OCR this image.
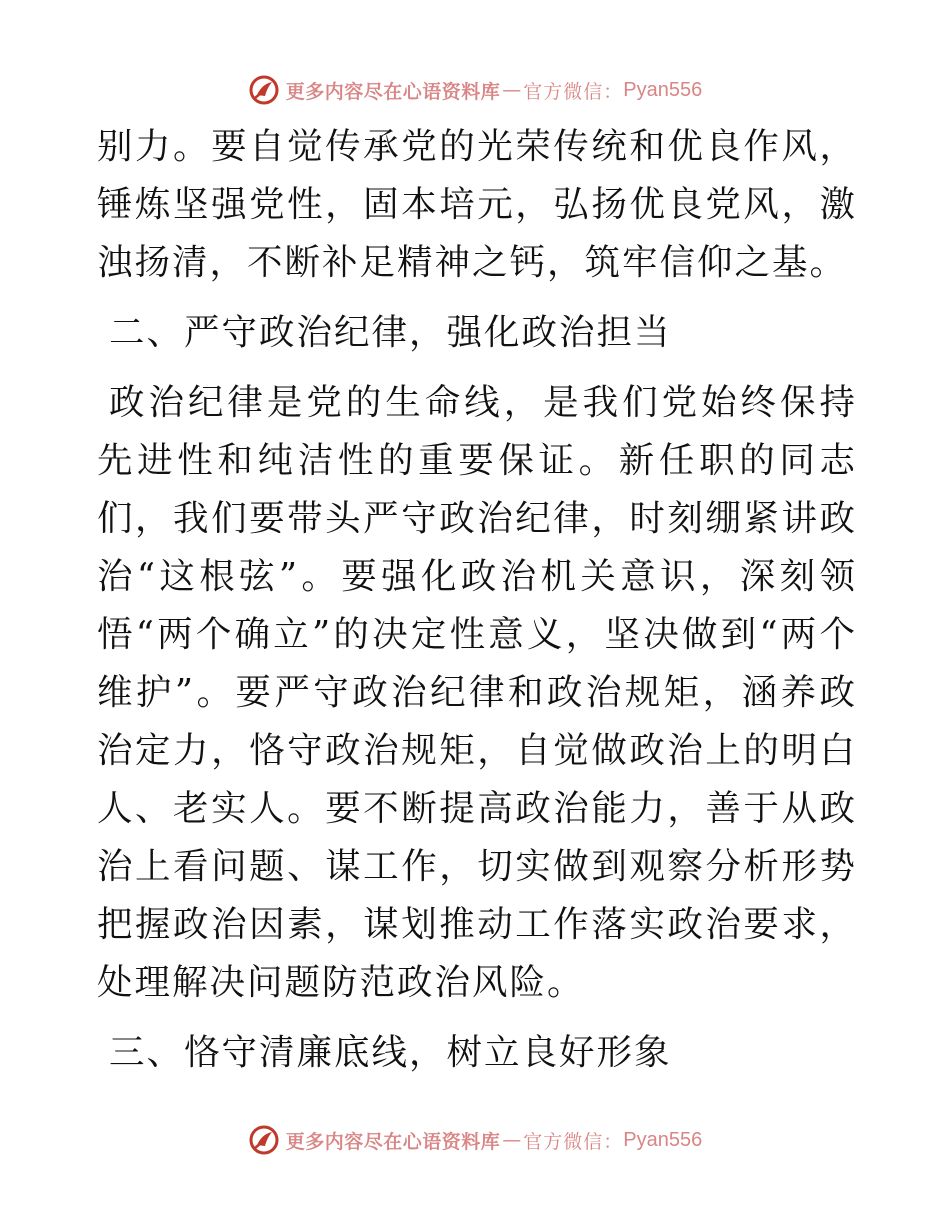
更多内容尽在心语资料库 — 官方微信： Pyan556

别力。要自觉传承党的光荣传统和优良作风，锤炼坚强党性，固本培元，弘扬优良党风，激浊扬清，不断补足精神之钙，筑牢信仰之基。

二、严守政治纪律，强化政治担当

政治纪律是党的生命线，是我们党始终保持先进性和纯洁性的重要保证。新任职的同志们，我们要带头严守政治纪律，时刻绷紧讲政治“这根弦”。要强化政治机关意识，深刻领悟“两个确立”的决定性意义，坚决做到“两个维护”。要严守政治纪律和政治规矩，涵养政治定力，恪守政治规矩，自觉做政治上的明白人、老实人。要不断提高政治能力，善于从政治上看问题、谋工作，切实做到观察分析形势把握政治因素，谋划推动工作落实政治要求，处理解决问题防范政治风险。

三、恪守清廉底线，树立良好形象

更多内容尽在心语资料库 — 官方微信： Pyan556
